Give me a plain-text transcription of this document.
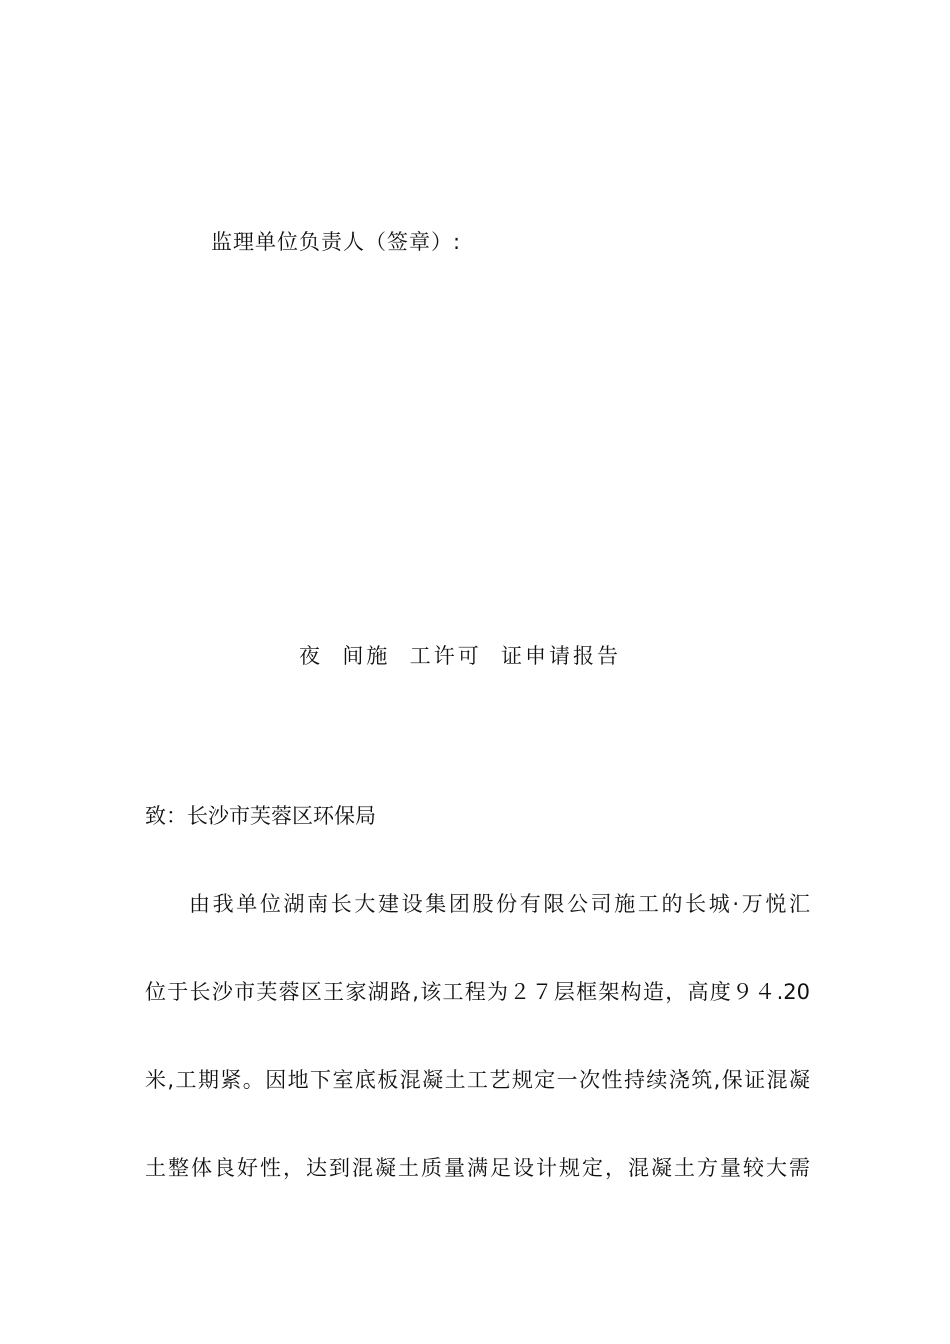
监理单位负责人（签章）:
夜  间施  工许可  证申请报告
致：长沙市芙蓉区环保局
由我单位湖南长大建设集团股份有限公司施工的长城·万悦汇
位于长沙市芙蓉区王家湖路,该工程为２７层框架构造，高度９４.20
米,工期紧。因地下室底板混凝土工艺规定一次性持续浇筑,保证混凝
土整体良好性，达到混凝土质量满足设计规定，混凝土方量较大需
